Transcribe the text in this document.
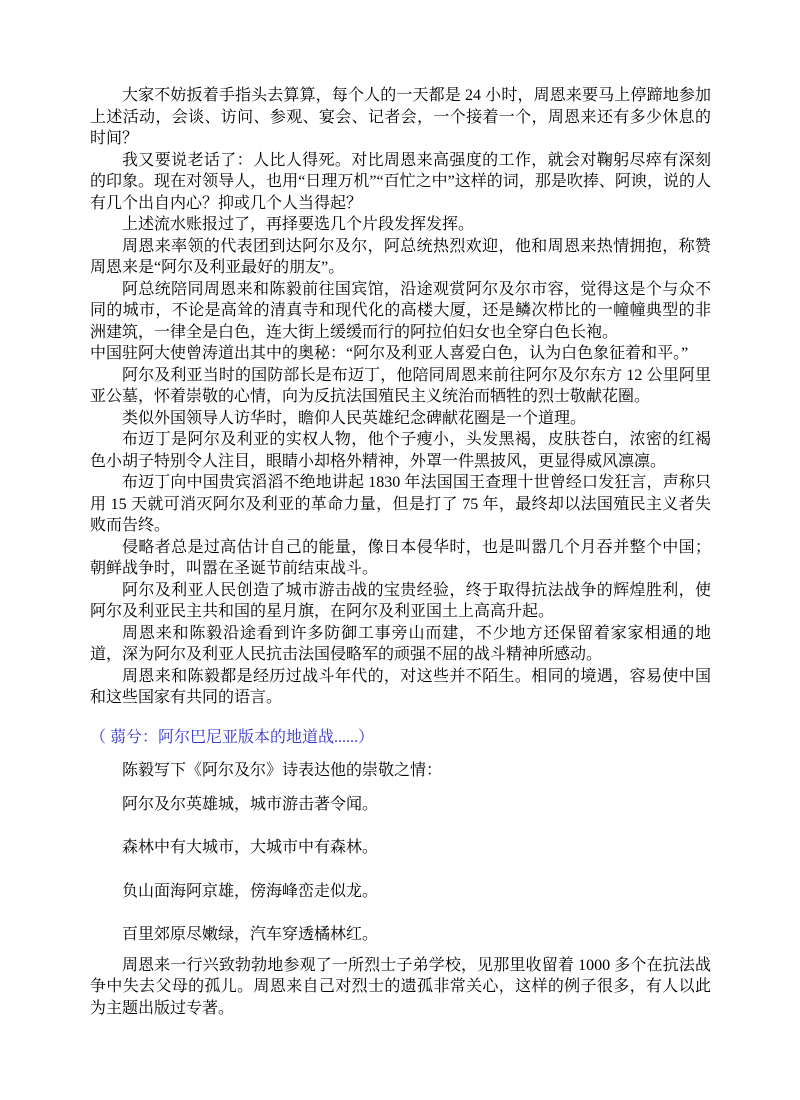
大家不妨扳着手指头去算算，每个人的一天都是 24 小时，周恩来要马上停蹄地参加上述活动，会谈、访问、参观、宴会、记者会，一个接着一个，周恩来还有多少休息的时间？

我又要说老话了：人比人得死。对比周恩来高强度的工作，就会对鞠躬尽瘁有深刻的印象。现在对领导人，也用“日理万机”“百忙之中”这样的词，那是吹捧、阿谀，说的人有几个出自内心？抑或几个人当得起？

上述流水账报过了，再择要选几个片段发挥发挥。

周恩来率领的代表团到达阿尔及尔，阿总统热烈欢迎，他和周恩来热情拥抱，称赞周恩来是“阿尔及利亚最好的朋友”。

阿总统陪同周恩来和陈毅前往国宾馆，沿途观赏阿尔及尔市容，觉得这是个与众不同的城市，不论是高耸的清真寺和现代化的高楼大厦，还是鳞次栉比的一幢幢典型的非洲建筑，一律全是白色，连大街上缓缓而行的阿拉伯妇女也全穿白色长袍。

中国驻阿大使曾涛道出其中的奥秘：“阿尔及利亚人喜爱白色，认为白色象征着和平。”

阿尔及利亚当时的国防部长是布迈丁，他陪同周恩来前往阿尔及尔东方 12 公里阿里亚公墓，怀着崇敬的心情，向为反抗法国殖民主义统治而牺牲的烈士敬献花圈。

类似外国领导人访华时，瞻仰人民英雄纪念碑献花圈是一个道理。

布迈丁是阿尔及利亚的实权人物，他个子瘦小，头发黑褐，皮肤苍白，浓密的红褐色小胡子特别令人注目，眼睛小却格外精神，外罩一件黑披风，更显得威风凛凛。

布迈丁向中国贵宾滔滔不绝地讲起 1830 年法国国王查理十世曾经口发狂言，声称只用 15 天就可消灭阿尔及利亚的革命力量，但是打了 75 年，最终却以法国殖民主义者失败而告终。

侵略者总是过高估计自己的能量，像日本侵华时，也是叫嚣几个月吞并整个中国；朝鲜战争时，叫嚣在圣诞节前结束战斗。

阿尔及利亚人民创造了城市游击战的宝贵经验，终于取得抗法战争的辉煌胜利，使阿尔及利亚民主共和国的星月旗，在阿尔及利亚国土上高高升起。

周恩来和陈毅沿途看到许多防御工事旁山而建，不少地方还保留着家家相通的地道，深为阿尔及利亚人民抗击法国侵略军的顽强不屈的战斗精神所感动。

周恩来和陈毅都是经历过战斗年代的，对这些并不陌生。相同的境遇，容易使中国和这些国家有共同的语言。

（ 蒻兮：阿尔巴尼亚版本的地道战......）

陈毅写下《阿尔及尔》诗表达他的崇敬之情：

阿尔及尔英雄城，城市游击著令闻。

森林中有大城市，大城市中有森林。

负山面海阿京雄，傍海峰峦走似龙。

百里郊原尽嫩绿，汽车穿透橘林红。

周恩来一行兴致勃勃地参观了一所烈士子弟学校，见那里收留着 1000 多个在抗法战争中失去父母的孤儿。周恩来自己对烈士的遗孤非常关心，这样的例子很多，有人以此为主题出版过专著。
